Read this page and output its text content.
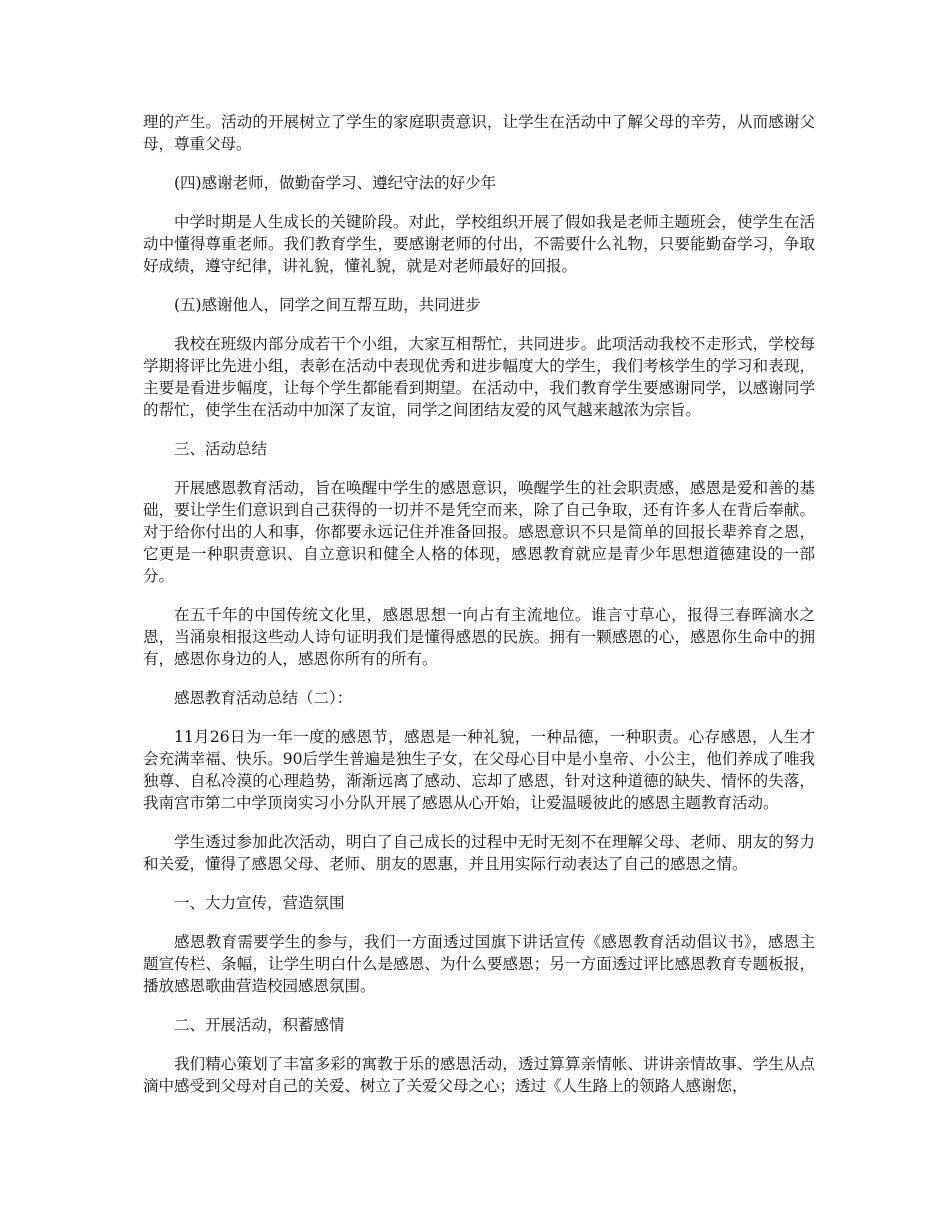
理的产生。活动的开展树立了学生的家庭职责意识，让学生在活动中了解父母的辛劳，从而感谢父母，尊重父母。

(四)感谢老师，做勤奋学习、遵纪守法的好少年

中学时期是人生成长的关键阶段。对此，学校组织开展了假如我是老师主题班会，使学生在活动中懂得尊重老师。我们教育学生，要感谢老师的付出，不需要什么礼物，只要能勤奋学习，争取好成绩，遵守纪律，讲礼貌，懂礼貌，就是对老师最好的回报。

(五)感谢他人，同学之间互帮互助，共同进步

我校在班级内部分成若干个小组，大家互相帮忙，共同进步。此项活动我校不走形式，学校每学期将评比先进小组，表彰在活动中表现优秀和进步幅度大的学生，我们考核学生的学习和表现，主要是看进步幅度，让每个学生都能看到期望。在活动中，我们教育学生要感谢同学，以感谢同学的帮忙，使学生在活动中加深了友谊，同学之间团结友爱的风气越来越浓为宗旨。

三、活动总结

开展感恩教育活动，旨在唤醒中学生的感恩意识，唤醒学生的社会职责感，感恩是爱和善的基础，要让学生们意识到自己获得的一切并不是凭空而来，除了自己争取，还有许多人在背后奉献。对于给你付出的人和事，你都要永远记住并准备回报。感恩意识不只是简单的回报长辈养育之恩，它更是一种职责意识、自立意识和健全人格的体现，感恩教育就应是青少年思想道德建设的一部分。

在五千年的中国传统文化里，感恩思想一向占有主流地位。谁言寸草心，报得三春晖滴水之恩，当涌泉相报这些动人诗句证明我们是懂得感恩的民族。拥有一颗感恩的心，感恩你生命中的拥有，感恩你身边的人，感恩你所有的所有。

感恩教育活动总结（二）：

11月26日为一年一度的感恩节，感恩是一种礼貌，一种品德，一种职责。心存感恩，人生才会充满幸福、快乐。90后学生普遍是独生子女，在父母心目中是小皇帝、小公主，他们养成了唯我独尊、自私冷漠的心理趋势，渐渐远离了感动、忘却了感恩，针对这种道德的缺失、情怀的失落，我南宫市第二中学顶岗实习小分队开展了感恩从心开始，让爱温暖彼此的感恩主题教育活动。

学生透过参加此次活动，明白了自己成长的过程中无时无刻不在理解父母、老师、朋友的努力和关爱，懂得了感恩父母、老师、朋友的恩惠，并且用实际行动表达了自己的感恩之情。

一、大力宣传，营造氛围

感恩教育需要学生的参与，我们一方面透过国旗下讲话宣传《感恩教育活动倡议书》，感恩主题宣传栏、条幅，让学生明白什么是感恩、为什么要感恩；另一方面透过评比感恩教育专题板报，播放感恩歌曲营造校园感恩氛围。

二、开展活动，积蓄感情

我们精心策划了丰富多彩的寓教于乐的感恩活动，透过算算亲情帐、讲讲亲情故事、学生从点滴中感受到父母对自己的关爱、树立了关爱父母之心；透过《人生路上的领路人感谢您，
